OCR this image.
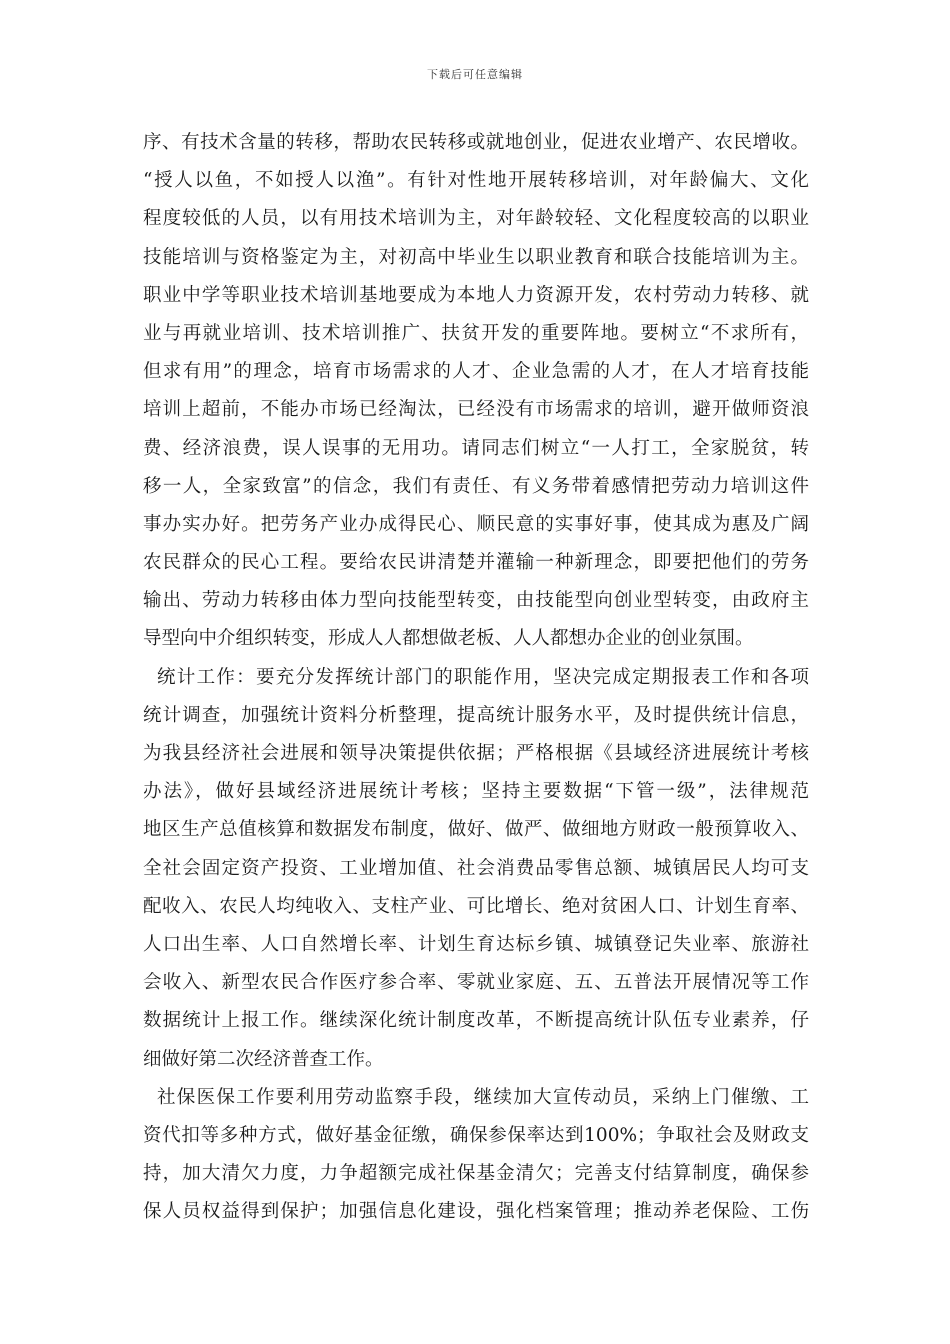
下载后可任意编辑
序、有技术含量的转移，帮助农民转移或就地创业，促进农业增产、农民增收。
“授人以鱼，不如授人以渔”。有针对性地开展转移培训，对年龄偏大、文化
程度较低的人员，以有用技术培训为主，对年龄较轻、文化程度较高的以职业
技能培训与资格鉴定为主，对初高中毕业生以职业教育和联合技能培训为主。
职业中学等职业技术培训基地要成为本地人力资源开发，农村劳动力转移、就
业与再就业培训、技术培训推广、扶贫开发的重要阵地。要树立“不求所有，
但求有用”的理念，培育市场需求的人才、企业急需的人才，在人才培育技能
培训上超前，不能办市场已经淘汰，已经没有市场需求的培训，避开做师资浪
费、经济浪费，误人误事的无用功。请同志们树立“一人打工，全家脱贫，转
移一人，全家致富”的信念，我们有责任、有义务带着感情把劳动力培训这件
事办实办好。把劳务产业办成得民心、顺民意的实事好事，使其成为惠及广阔
农民群众的民心工程。要给农民讲清楚并灌输一种新理念，即要把他们的劳务
输出、劳动力转移由体力型向技能型转变，由技能型向创业型转变，由政府主
导型向中介组织转变，形成人人都想做老板、人人都想办企业的创业氛围。
统计工作：要充分发挥统计部门的职能作用，坚决完成定期报表工作和各项
统计调查，加强统计资料分析整理，提高统计服务水平，及时提供统计信息，
为我县经济社会进展和领导决策提供依据；严格根据《县域经济进展统计考核
办法》，做好县域经济进展统计考核；坚持主要数据“下管一级”，法律规范
地区生产总值核算和数据发布制度，做好、做严、做细地方财政一般预算收入、
全社会固定资产投资、工业增加值、社会消费品零售总额、城镇居民人均可支
配收入、农民人均纯收入、支柱产业、可比增长、绝对贫困人口、计划生育率、
人口出生率、人口自然增长率、计划生育达标乡镇、城镇登记失业率、旅游社
会收入、新型农民合作医疗参合率、零就业家庭、五、五普法开展情况等工作
数据统计上报工作。继续深化统计制度改革，不断提高统计队伍专业素养，仔
细做好第二次经济普查工作。
社保医保工作要利用劳动监察手段，继续加大宣传动员，采纳上门催缴、工
资代扣等多种方式，做好基金征缴，确保参保率达到100%；争取社会及财政支
持，加大清欠力度，力争超额完成社保基金清欠；完善支付结算制度，确保参
保人员权益得到保护；加强信息化建设，强化档案管理；推动养老保险、工伤
